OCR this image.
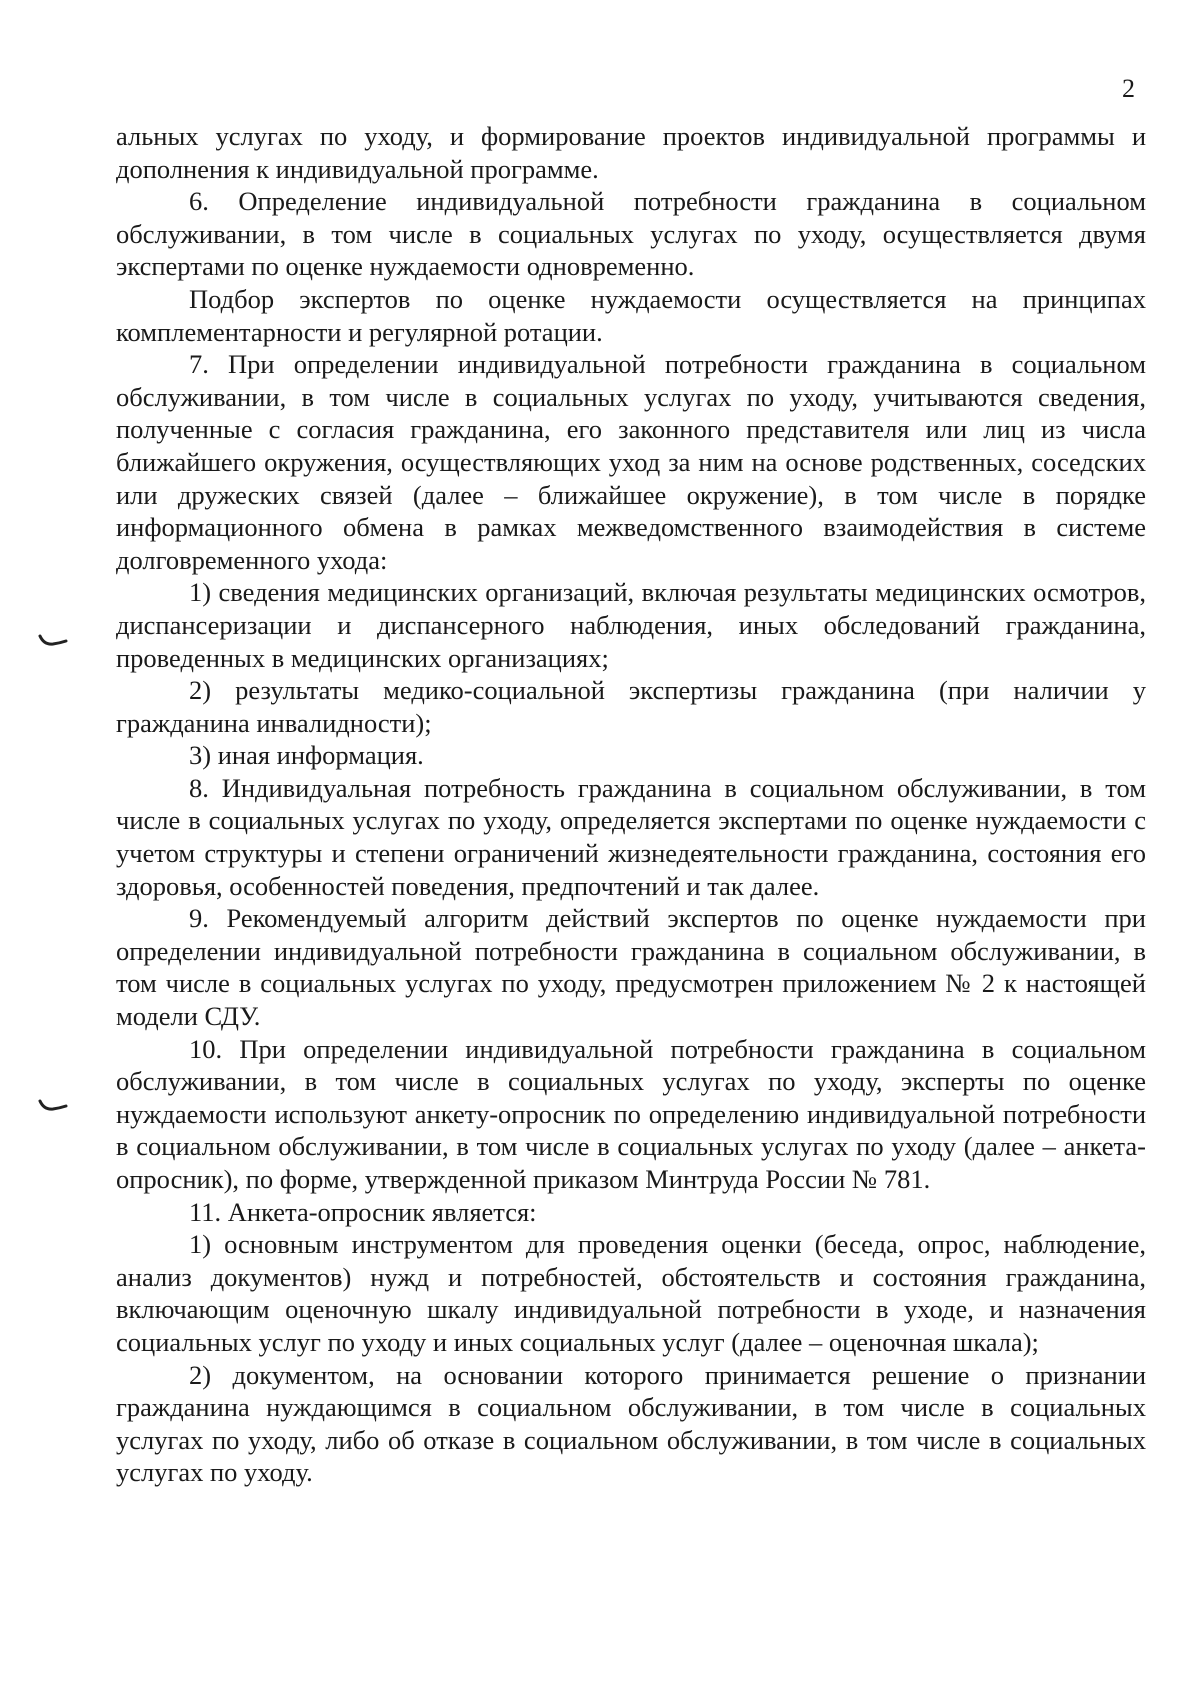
2

альных услугах по уходу, и формирование проектов индивидуальной программы и дополнения к индивидуальной программе.

6. Определение индивидуальной потребности гражданина в социальном обслуживании, в том числе в социальных услугах по уходу, осуществляется двумя экспертами по оценке нуждаемости одновременно.

Подбор экспертов по оценке нуждаемости осуществляется на принципах комплементарности и регулярной ротации.

7. При определении индивидуальной потребности гражданина в социальном обслуживании, в том числе в социальных услугах по уходу, учитываются сведения, полученные с согласия гражданина, его законного представителя или лиц из числа ближайшего окружения, осуществляющих уход за ним на основе родственных, соседских или дружеских связей (далее – ближайшее окружение), в том числе в порядке информационного обмена в рамках межведомственного взаимодействия в системе долговременного ухода:

1) сведения медицинских организаций, включая результаты медицинских осмотров, диспансеризации и диспансерного наблюдения, иных обследований гражданина, проведенных в медицинских организациях;

2) результаты медико-социальной экспертизы гражданина (при наличии у гражданина инвалидности);

3) иная информация.

8. Индивидуальная потребность гражданина в социальном обслуживании, в том числе в социальных услугах по уходу, определяется экспертами по оценке нуждаемости с учетом структуры и степени ограничений жизнедеятельности гражданина, состояния его здоровья, особенностей поведения, предпочтений и так далее.

9. Рекомендуемый алгоритм действий экспертов по оценке нуждаемости при определении индивидуальной потребности гражданина в социальном обслуживании, в том числе в социальных услугах по уходу, предусмотрен приложением № 2 к настоящей модели СДУ.

10. При определении индивидуальной потребности гражданина в социальном обслуживании, в том числе в социальных услугах по уходу, эксперты по оценке нуждаемости используют анкету-опросник по определению индивидуальной потребности в социальном обслуживании, в том числе в социальных услугах по уходу (далее – анкета-опросник), по форме, утвержденной приказом Минтруда России № 781.

11. Анкета-опросник является:

1) основным инструментом для проведения оценки (беседа, опрос, наблюдение, анализ документов) нужд и потребностей, обстоятельств и состояния гражданина, включающим оценочную шкалу индивидуальной потребности в уходе, и назначения социальных услуг по уходу и иных социальных услуг (далее – оценочная шкала);

2) документом, на основании которого принимается решение о признании гражданина нуждающимся в социальном обслуживании, в том числе в социальных услугах по уходу, либо об отказе в социальном обслуживании, в том числе в социальных услугах по уходу.
